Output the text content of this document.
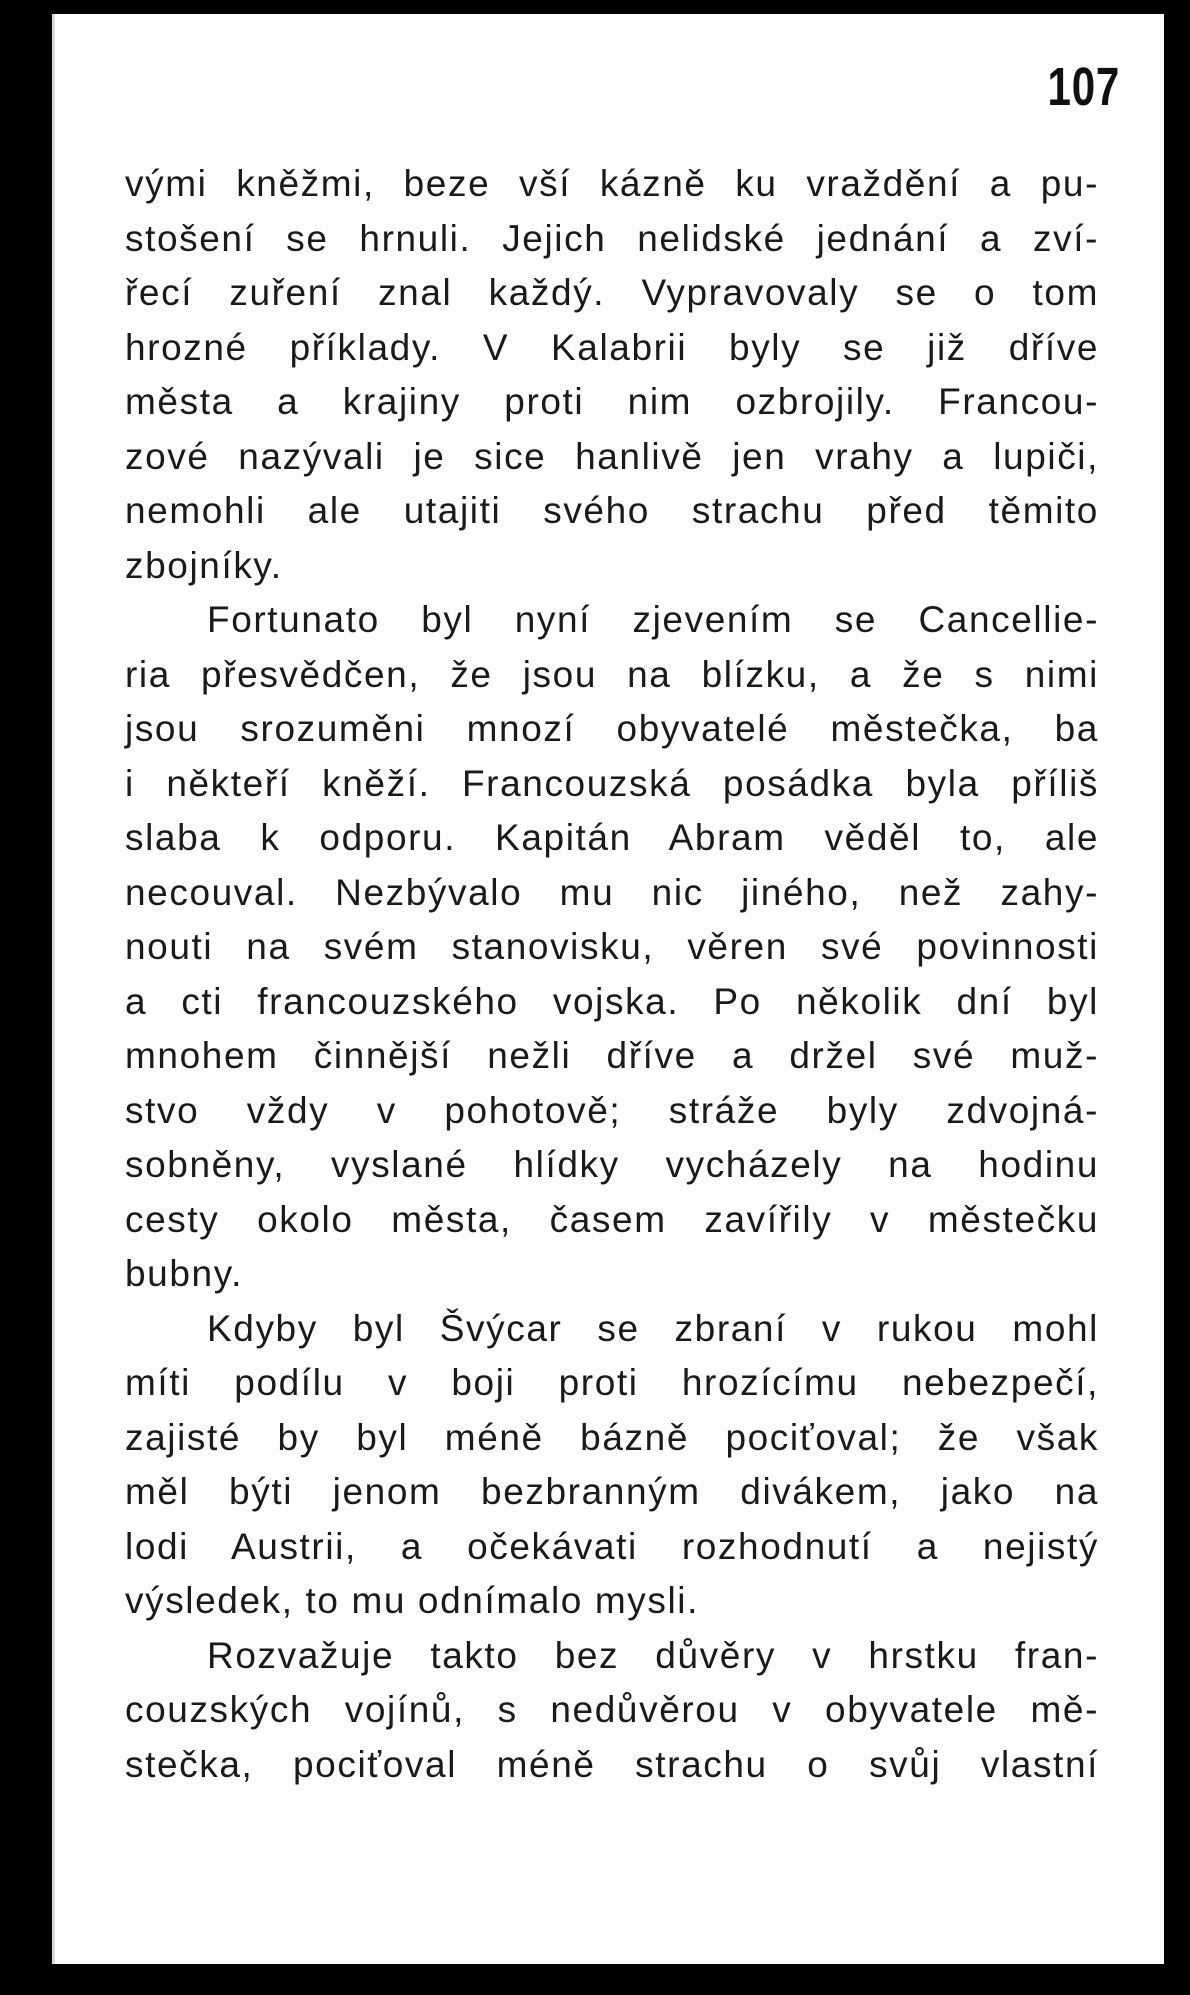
107
vými kněžmi, beze vší kázně ku vraždění a pu-
stošení se hrnuli. Jejich nelidské jednání a zví-
řecí zuření znal každý. Vypravovaly se o tom
hrozné příklady. V Kalabrii byly se již dříve
města a krajiny proti nim ozbrojily. Francou-
zové nazývali je sice hanlivě jen vrahy a lupiči,
nemohli ale utajiti svého strachu před těmito
zbojníky.
Fortunato byl nyní zjevením se Cancellie-
ria přesvědčen, že jsou na blízku, a že s nimi
jsou srozuměni mnozí obyvatelé městečka, ba
i někteří kněží. Francouzská posádka byla příliš
slaba k odporu. Kapitán Abram věděl to, ale
necouval. Nezbývalo mu nic jiného, než zahy-
nouti na svém stanovisku, věren své povinnosti
a cti francouzského vojska. Po několik dní byl
mnohem činnější nežli dříve a držel své muž-
stvo vždy v pohotově; stráže byly zdvojná-
sobněny, vyslané hlídky vycházely na hodinu
cesty okolo města, časem zavířily v městečku
bubny.
Kdyby byl Švýcar se zbraní v rukou mohl
míti podílu v boji proti hrozícímu nebezpečí,
zajisté by byl méně bázně pociťoval; že však
měl býti jenom bezbranným divákem, jako na
lodi Austrii, a očekávati rozhodnutí a nejistý
výsledek, to mu odnímalo mysli.
Rozvažuje takto bez důvěry v hrstku fran-
couzských vojínů, s nedůvěrou v obyvatele mě-
stečka, pociťoval méně strachu o svůj vlastní
